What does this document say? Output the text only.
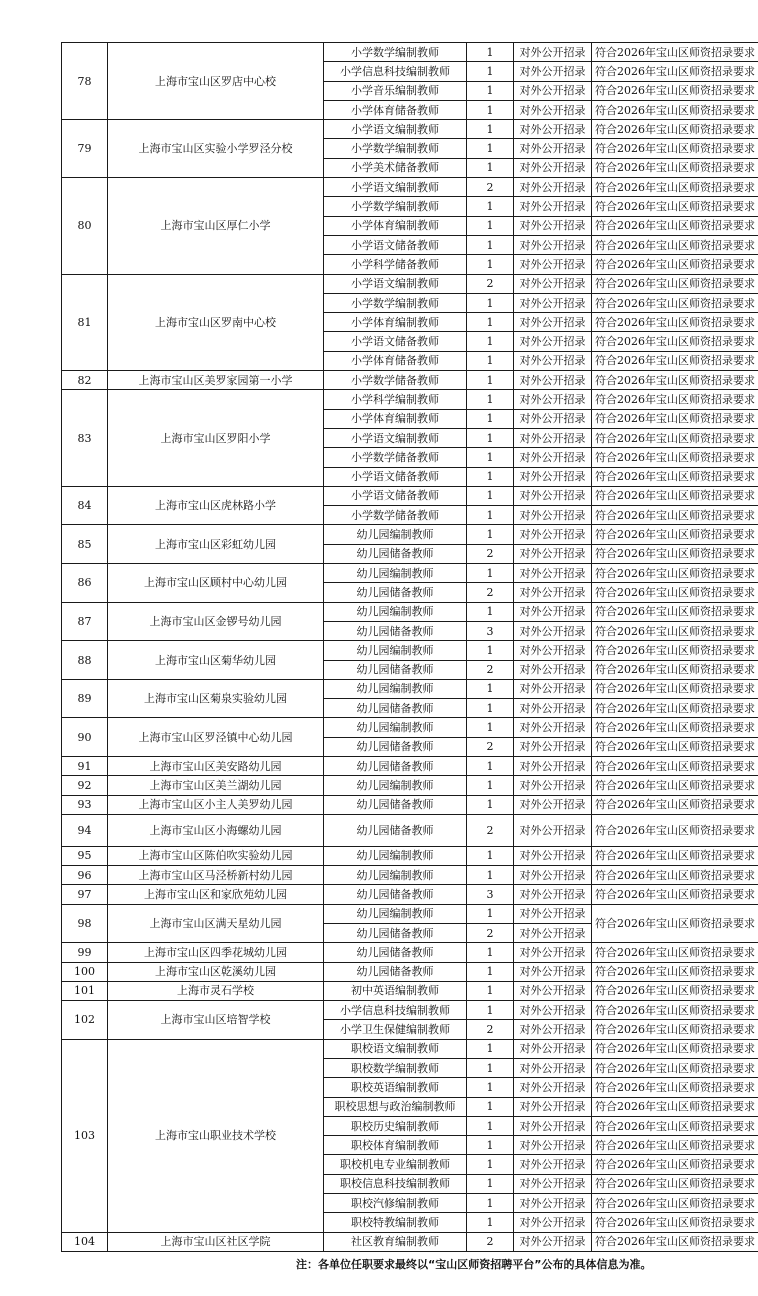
78	上海市宝山区罗店中心校	小学数学编制教师	1	对外公开招录	符合2026年宝山区师资招录要求
		小学信息科技编制教师	1	对外公开招录	符合2026年宝山区师资招录要求
		小学音乐编制教师	1	对外公开招录	符合2026年宝山区师资招录要求
		小学体育储备教师	1	对外公开招录	符合2026年宝山区师资招录要求
79	上海市宝山区实验小学罗泾分校	小学语文编制教师	1	对外公开招录	符合2026年宝山区师资招录要求
		小学数学编制教师	1	对外公开招录	符合2026年宝山区师资招录要求
		小学美术储备教师	1	对外公开招录	符合2026年宝山区师资招录要求
80	上海市宝山区厚仁小学	小学语文编制教师	2	对外公开招录	符合2026年宝山区师资招录要求
		小学数学编制教师	1	对外公开招录	符合2026年宝山区师资招录要求
		小学体育编制教师	1	对外公开招录	符合2026年宝山区师资招录要求
		小学语文储备教师	1	对外公开招录	符合2026年宝山区师资招录要求
		小学科学储备教师	1	对外公开招录	符合2026年宝山区师资招录要求
81	上海市宝山区罗南中心校	小学语文编制教师	2	对外公开招录	符合2026年宝山区师资招录要求
		小学数学编制教师	1	对外公开招录	符合2026年宝山区师资招录要求
		小学体育编制教师	1	对外公开招录	符合2026年宝山区师资招录要求
		小学语文储备教师	1	对外公开招录	符合2026年宝山区师资招录要求
		小学体育储备教师	1	对外公开招录	符合2026年宝山区师资招录要求
82	上海市宝山区美罗家园第一小学	小学数学储备教师	1	对外公开招录	符合2026年宝山区师资招录要求
83	上海市宝山区罗阳小学	小学科学编制教师	1	对外公开招录	符合2026年宝山区师资招录要求
		小学体育编制教师	1	对外公开招录	符合2026年宝山区师资招录要求
		小学语文编制教师	1	对外公开招录	符合2026年宝山区师资招录要求
		小学数学储备教师	1	对外公开招录	符合2026年宝山区师资招录要求
		小学语文储备教师	1	对外公开招录	符合2026年宝山区师资招录要求
84	上海市宝山区虎林路小学	小学语文储备教师	1	对外公开招录	符合2026年宝山区师资招录要求
		小学数学储备教师	1	对外公开招录	符合2026年宝山区师资招录要求
85	上海市宝山区彩虹幼儿园	幼儿园编制教师	1	对外公开招录	符合2026年宝山区师资招录要求
		幼儿园储备教师	2	对外公开招录	符合2026年宝山区师资招录要求
86	上海市宝山区顾村中心幼儿园	幼儿园编制教师	1	对外公开招录	符合2026年宝山区师资招录要求
		幼儿园储备教师	2	对外公开招录	符合2026年宝山区师资招录要求
87	上海市宝山区金锣号幼儿园	幼儿园编制教师	1	对外公开招录	符合2026年宝山区师资招录要求
		幼儿园储备教师	3	对外公开招录	符合2026年宝山区师资招录要求
88	上海市宝山区菊华幼儿园	幼儿园编制教师	1	对外公开招录	符合2026年宝山区师资招录要求
		幼儿园储备教师	2	对外公开招录	符合2026年宝山区师资招录要求
89	上海市宝山区菊泉实验幼儿园	幼儿园编制教师	1	对外公开招录	符合2026年宝山区师资招录要求
		幼儿园储备教师	1	对外公开招录	符合2026年宝山区师资招录要求
90	上海市宝山区罗泾镇中心幼儿园	幼儿园编制教师	1	对外公开招录	符合2026年宝山区师资招录要求
		幼儿园储备教师	2	对外公开招录	符合2026年宝山区师资招录要求
91	上海市宝山区美安路幼儿园	幼儿园储备教师	1	对外公开招录	符合2026年宝山区师资招录要求
92	上海市宝山区美兰湖幼儿园	幼儿园编制教师	1	对外公开招录	符合2026年宝山区师资招录要求
93	上海市宝山区小主人美罗幼儿园	幼儿园储备教师	1	对外公开招录	符合2026年宝山区师资招录要求
94	上海市宝山区小海螺幼儿园	幼儿园储备教师	2	对外公开招录	符合2026年宝山区师资招录要求
95	上海市宝山区陈伯吹实验幼儿园	幼儿园编制教师	1	对外公开招录	符合2026年宝山区师资招录要求
96	上海市宝山区马泾桥新村幼儿园	幼儿园编制教师	1	对外公开招录	符合2026年宝山区师资招录要求
97	上海市宝山区和家欣苑幼儿园	幼儿园储备教师	3	对外公开招录	符合2026年宝山区师资招录要求
98	上海市宝山区满天星幼儿园	幼儿园编制教师	1	对外公开招录	符合2026年宝山区师资招录要求
		幼儿园储备教师	2	对外公开招录	
99	上海市宝山区四季花城幼儿园	幼儿园储备教师	1	对外公开招录	符合2026年宝山区师资招录要求
100	上海市宝山区乾溪幼儿园	幼儿园储备教师	1	对外公开招录	符合2026年宝山区师资招录要求
101	上海市灵石学校	初中英语编制教师	1	对外公开招录	符合2026年宝山区师资招录要求
102	上海市宝山区培智学校	小学信息科技编制教师	1	对外公开招录	符合2026年宝山区师资招录要求
		小学卫生保健编制教师	2	对外公开招录	符合2026年宝山区师资招录要求
103	上海市宝山职业技术学校	职校语文编制教师	1	对外公开招录	符合2026年宝山区师资招录要求
		职校数学编制教师	1	对外公开招录	符合2026年宝山区师资招录要求
		职校英语编制教师	1	对外公开招录	符合2026年宝山区师资招录要求
		职校思想与政治编制教师	1	对外公开招录	符合2026年宝山区师资招录要求
		职校历史编制教师	1	对外公开招录	符合2026年宝山区师资招录要求
		职校体育编制教师	1	对外公开招录	符合2026年宝山区师资招录要求
		职校机电专业编制教师	1	对外公开招录	符合2026年宝山区师资招录要求
		职校信息科技编制教师	1	对外公开招录	符合2026年宝山区师资招录要求
		职校汽修编制教师	1	对外公开招录	符合2026年宝山区师资招录要求
		职校特教编制教师	1	对外公开招录	符合2026年宝山区师资招录要求
104	上海市宝山区社区学院	社区教育编制教师	2	对外公开招录	符合2026年宝山区师资招录要求
注：各单位任职要求最终以“宝山区师资招聘平台”公布的具体信息为准。
